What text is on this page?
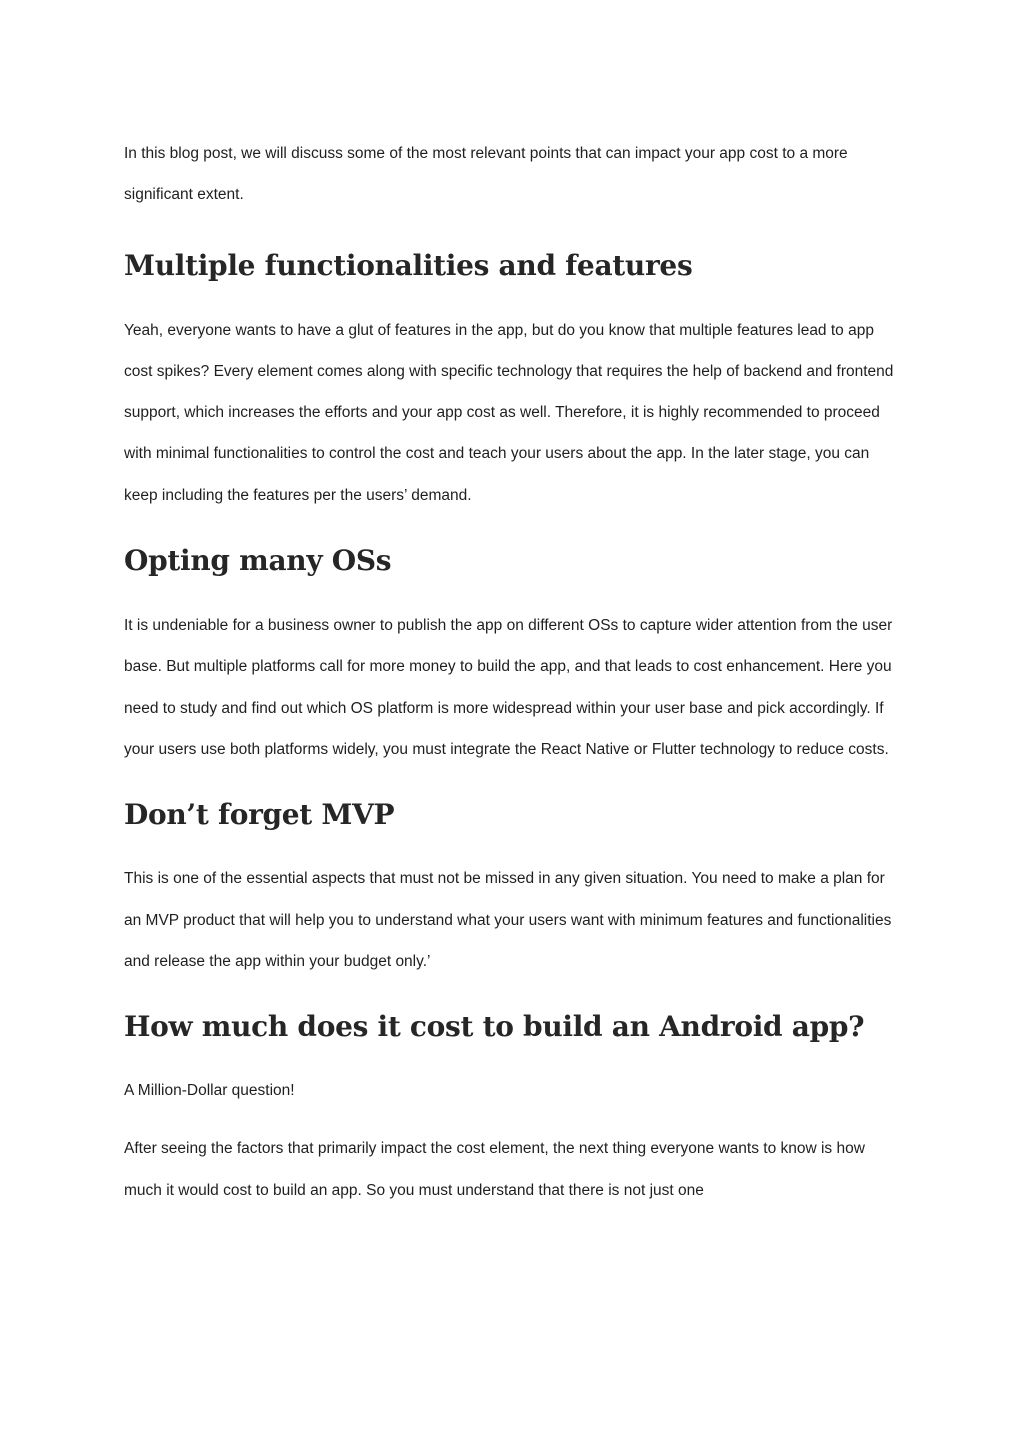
In this blog post, we will discuss some of the most relevant points that can impact your app cost to a more significant extent.

Multiple functionalities and features

Yeah, everyone wants to have a glut of features in the app, but do you know that multiple features lead to app cost spikes? Every element comes along with specific technology that requires the help of backend and frontend support, which increases the efforts and your app cost as well. Therefore, it is highly recommended to proceed with minimal functionalities to control the cost and teach your users about the app. In the later stage, you can keep including the features per the users’ demand.

Opting many OSs

It is undeniable for a business owner to publish the app on different OSs to capture wider attention from the user base. But multiple platforms call for more money to build the app, and that leads to cost enhancement. Here you need to study and find out which OS platform is more widespread within your user base and pick accordingly. If your users use both platforms widely, you must integrate the React Native or Flutter technology to reduce costs.

Don’t forget MVP

This is one of the essential aspects that must not be missed in any given situation. You need to make a plan for an MVP product that will help you to understand what your users want with minimum features and functionalities and release the app within your budget only.’

How much does it cost to build an Android app?

A Million-Dollar question!

After seeing the factors that primarily impact the cost element, the next thing everyone wants to know is how much it would cost to build an app. So you must understand that there is not just one
